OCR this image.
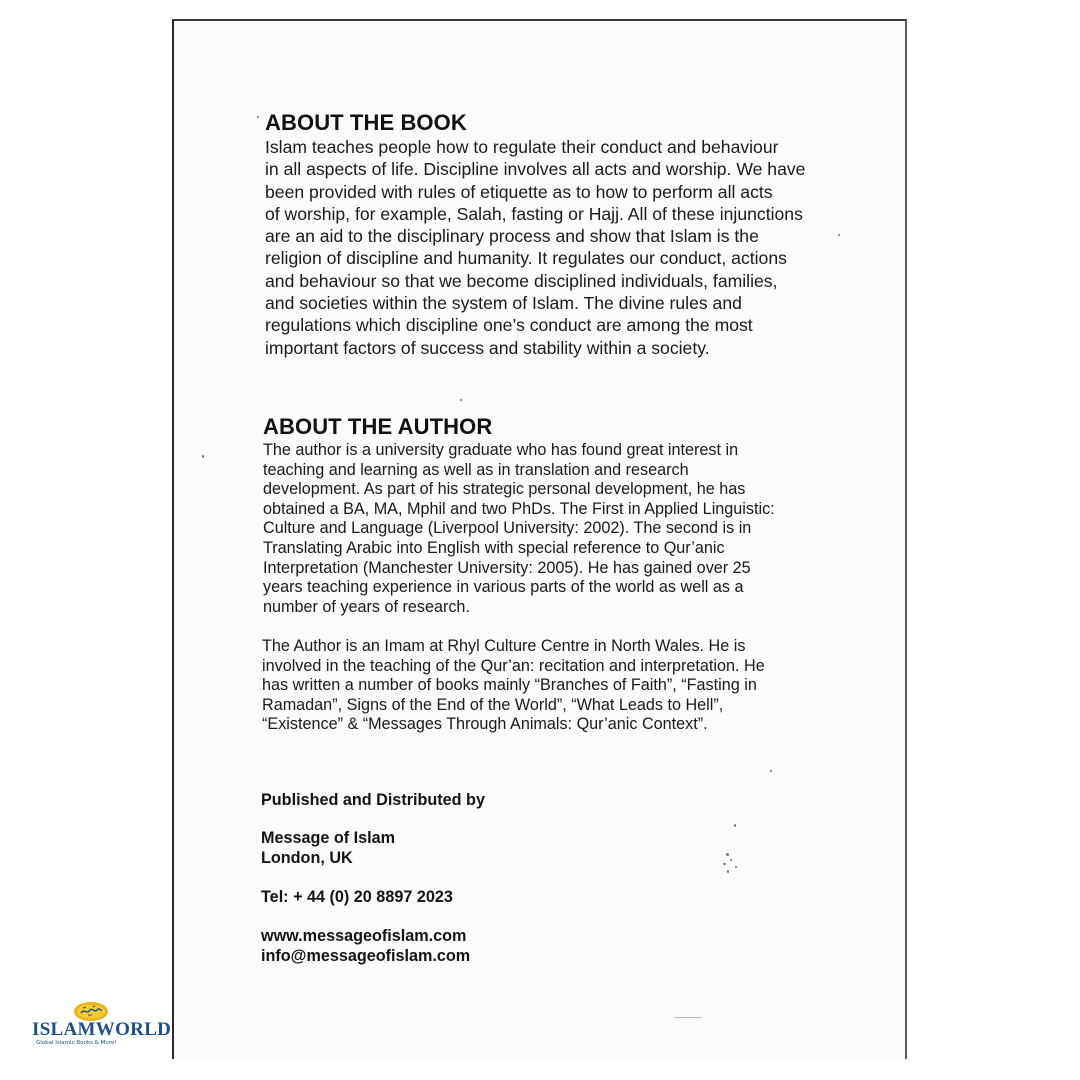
ABOUT THE BOOK

Islam teaches people how to regulate their conduct and behaviour
in all aspects of life. Discipline involves all acts and worship. We have
been provided with rules of etiquette as to how to perform all acts
of worship, for example, Salah, fasting or Hajj. All of these injunctions
are an aid to the disciplinary process and show that Islam is the
religion of discipline and humanity. It regulates our conduct, actions
and behaviour so that we become disciplined individuals, families,
and societies within the system of Islam. The divine rules and
regulations which discipline one’s conduct are among the most
important factors of success and stability within a society.

ABOUT THE AUTHOR

The author is a university graduate who has found great interest in
teaching and learning as well as in translation and research
development. As part of his strategic personal development, he has
obtained a BA, MA, Mphil and two PhDs. The First in Applied Linguistic:
Culture and Language (Liverpool University: 2002). The second is in
Translating Arabic into English with special reference to Qur’anic
Interpretation (Manchester University: 2005). He has gained over 25
years teaching experience in various parts of the world as well as a
number of years of research.

The Author is an Imam at Rhyl Culture Centre in North Wales. He is
involved in the teaching of the Qur’an: recitation and interpretation. He
has written a number of books mainly “Branches of Faith”, “Fasting in
Ramadan”, Signs of the End of the World”, “What Leads to Hell”,
“Existence” & “Messages Through Animals: Qur’anic Context”.

Published and Distributed by

Message of Islam
London, UK

Tel: + 44 (0) 20 8897 2023

www.messageofislam.com
info@messageofislam.com

ISLAMWORLD
Global Islamic Books & More!
